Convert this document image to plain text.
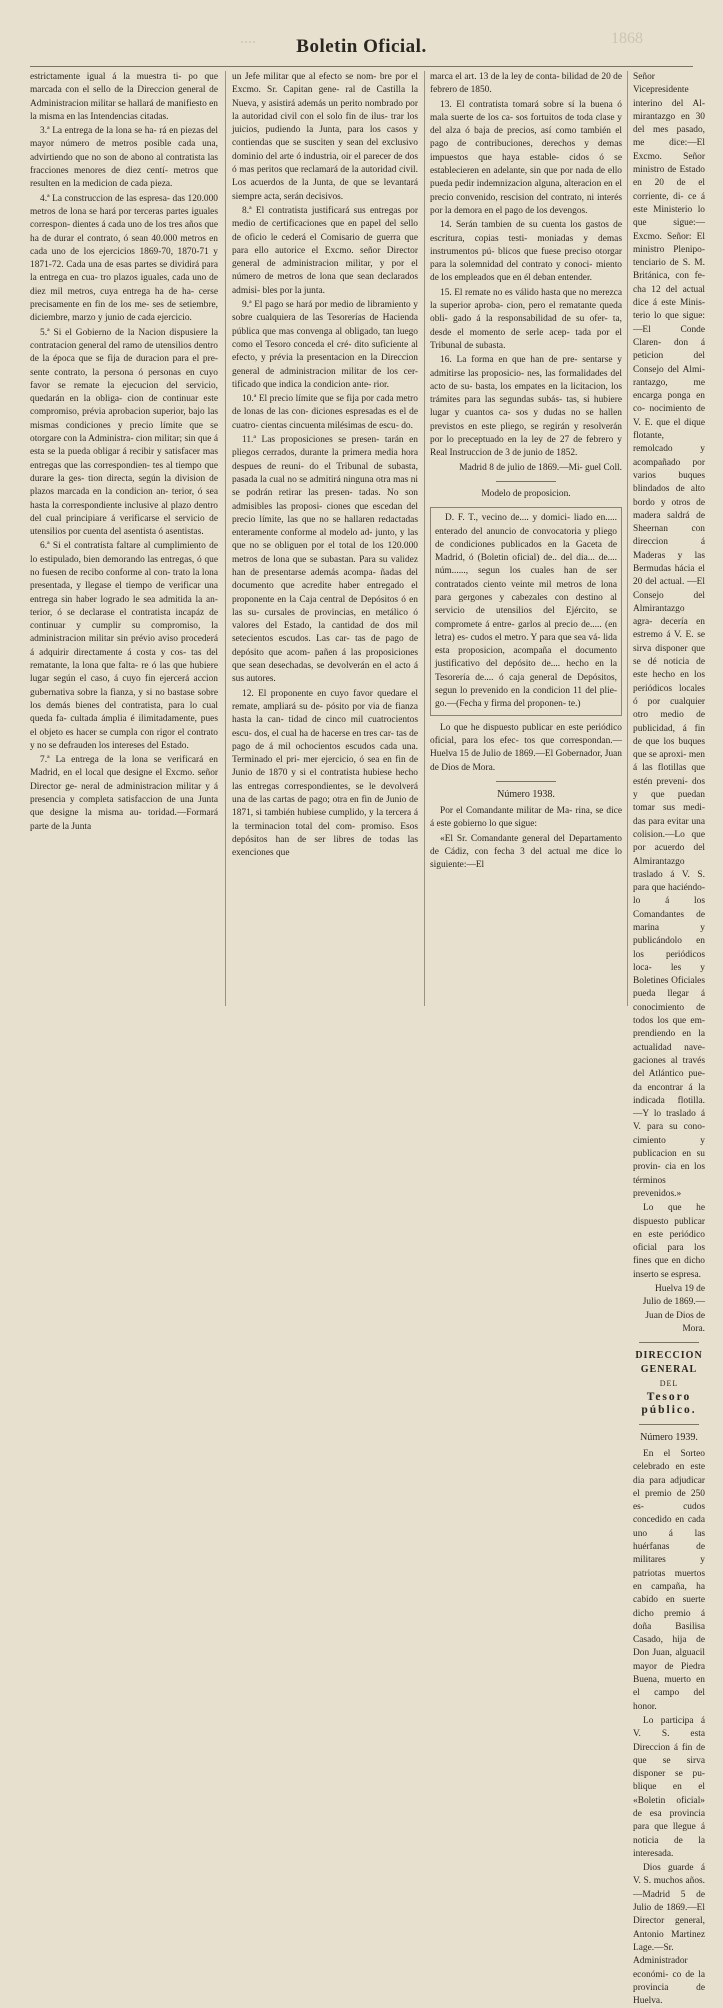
....	Boletin Oficial.	1868

estrictamente igual á la muestra ti- po que marcada con el sello de la Direccion general de Administracion militar se hallará de manifiesto en la misma en las Intendencias citadas.

3.ª La entrega de la lona se ha- rá en piezas del mayor número de metros posible cada una, advirtiendo que no son de abono al contratista las fracciones menores de diez centí- metros que resulten en la medicion de cada pieza.

4.ª La construccion de las espresa- das 120.000 metros de lona se hará por terceras partes iguales correspon- dientes á cada uno de los tres años que ha de durar el contrato, ó sean 40.000 metros en cada uno de los ejercicios 1869-70, 1870-71 y 1871-72. Cada una de esas partes se dividirá para la entrega en cua- tro plazos iguales, cada uno de diez mil metros, cuya entrega ha de ha- cerse precisamente en fin de los me- ses de setiembre, diciembre, marzo y junio de cada ejercicio.

5.ª Si el Gobierno de la Nacion dispusiere la contratacion general del ramo de utensilios dentro de la época que se fija de duracion para el pre- sente contrato, la persona ó personas en cuyo favor se remate la ejecucion del servicio, quedarán en la obliga- cion de continuar este compromiso, prévia aprobacion superior, bajo las mismas condiciones y precio límite que se otorgare con la Administra- cion militar; sin que á esta se la pueda obligar á recibir y satisfacer mas entregas que las correspondien- tes al tiempo que durare la ges- tion directa, según la division de plazos marcada en la condicion an- terior, ó sea hasta la correspondiente inclusive al plazo dentro del cual principiare á verificarse el servicio de utensilios por cuenta del asentista ó asentistas.

6.ª Si el contratista faltare al cumplimiento de lo estipulado, bien demorando las entregas, ó que no fuesen de recibo conforme al con- trato la lona presentada, y llegase el tiempo de verificar una entrega sin haber logrado le sea admitida la an- terior, ó se declarase el contratista incapáz de continuar y cumplir su compromiso, la administracion militar sin prévio aviso procederá á adquirir directamente á costa y cos- tas del rematante, la lona que falta- re ó las que hubiere lugar según el caso, á cuyo fin ejercerá accion gubernativa sobre la fianza, y si no bastase sobre los demás bienes del contratista, para lo cual queda fa- cultada ámplia é ilimitadamente, pues el objeto es hacer se cumpla con rigor el contrato y no se defrauden los intereses del Estado.

7.ª La entrega de la lona se verificará en Madrid, en el local que designe el Excmo. señor Director ge- neral de administracion militar y á presencia y completa satisfaccion de una Junta que designe la misma au- toridad.—Formará parte de la Junta

un Jefe militar que al efecto se nom- bre por el Excmo. Sr. Capitan gene- ral de Castilla la Nueva, y asistirá además un perito nombrado por la autoridad civil con el solo fin de ilus- trar los juicios, pudiendo la Junta, para los casos y contiendas que se susciten y sean del exclusivo dominio del arte ó industria, oir el parecer de dos ó mas peritos que reclamará de la autoridad civil. Los acuerdos de la Junta, de que se levantará siempre acta, serán decisivos.

8.ª El contratista justificará sus entregas por medio de certificaciones que en papel del sello de oficio le cederá el Comisario de guerra que para ello autorice el Excmo. señor Director general de administracion militar, y por el número de metros de lona que sean declarados admisi- bles por la junta.

9.ª El pago se hará por medio de libramiento y sobre cualquiera de las Tesorerías de Hacienda pública que mas convenga al obligado, tan luego como el Tesoro conceda el cré- dito suficiente al efecto, y prévia la presentacion en la Direccion general de administracion militar de los cer- tificado que indica la condicion ante- rior.

10.ª El precio límite que se fija por cada metro de lonas de las con- diciones espresadas es el de cuatro- cientas cincuenta milésimas de escu- do.

11.ª Las proposiciones se presen- tarán en pliegos cerrados, durante la primera media hora despues de reuni- do el Tribunal de subasta, pasada la cual no se admitirá ninguna otra mas ni se podrán retirar las presen- tadas. No son admisibles las proposi- ciones que escedan del precio límite, las que no se hallaren redactadas enteramente conforme al modelo ad- junto, y las que no se obliguen por el total de los 120.000 metros de lona que se subastan. Para su validez han de presentarse además acompa- ñadas del documento que acredite haber entregado el proponente en la Caja central de Depósitos ó en las su- cursales de provincias, en metálico ó valores del Estado, la cantidad de dos mil setecientos escudos. Las car- tas de pago de depósito que acom- pañen á las proposiciones que sean desechadas, se devolverán en el acto á sus autores.

12. El proponente en cuyo favor quedare el remate, ampliará su de- pósito por via de fianza hasta la can- tidad de cinco mil cuatrocientos escu- dos, el cual ha de hacerse en tres car- tas de pago de á mil ochocientos escudos cada una. Terminado el pri- mer ejercicio, ó sea en fin de Junio de 1870 y si el contratista hubiese hecho las entregas correspondientes, se le devolverá una de las cartas de pago; otra en fin de Junio de 1871, si también hubiese cumplido, y la tercera á la terminacion total del com- promiso. Esos depósitos han de ser libres de todas las exenciones que

marca el art. 13 de la ley de conta- bilidad de 20 de febrero de 1850.

13. El contratista tomará sobre sí la buena ó mala suerte de los ca- sos fortuitos de toda clase y del alza ó baja de precios, así como también el pago de contribuciones, derechos y demas impuestos que haya estable- cidos ó se establecieren en adelante, sin que por nada de ello pueda pedir indemnizacion alguna, alteracion en el precio convenido, rescision del contrato, ni interés por la demora en el pago de los devengos.

14. Serán tambien de su cuenta los gastos de escritura, copias testi- moniadas y demas instrumentos pú- blicos que fuese preciso otorgar para la solemnidad del contrato y conoci- miento de los empleados que en él deban entender.

15. El remate no es válido hasta que no merezca la superior aproba- cion, pero el rematante queda obli- gado á la responsabilidad de su ofer- ta, desde el momento de serle acep- tada por el Tribunal de subasta.

16. La forma en que han de pre- sentarse y admitirse las proposicio- nes, las formalidades del acto de su- basta, los empates en la licitacion, los trámites para las segundas subás- tas, si hubiere lugar y cuantos ca- sos y dudas no se hallen previstos en este pliego, se regirán y resolverán por lo preceptuado en la ley de 27 de febrero y Real Instruccion de 3 de junio de 1852.

Madrid 8 de julio de 1869.—Mi- guel Coll.

Modelo de proposicion.

D. F. T., vecino de.... y domici- liado en..... enterado del anuncio de convocatoria y pliego de condiciones publicados en la Gaceta de Madrid, ó (Boletin oficial) de.. del dia... de.... núm......, segun los cuales han de ser contratados ciento veinte mil metros de lona para gergones y cabezales con destino al servicio de utensilios del Ejército, se compromete á entre- garlos al precio de..... (en letra) es- cudos el metro. Y para que sea vá- lida esta proposicion, acompaña el documento justificativo del depósito de.... hecho en la Tesorería de.... ó caja general de Depósitos, segun lo prevenido en la condicion 11 del plie- go.—(Fecha y firma del proponen- te.)

Lo que he dispuesto publicar en este periódico oficial, para los efec- tos que correspondan.—Huelva 15 de Julio de 1869.—El Gobernador, Juan de Dios de Mora.

Número 1938.

Por el Comandante militar de Ma- rina, se dice á este gobierno lo que sigue:

«El Sr. Comandante general del Departamento de Cádiz, con fecha 3 del actual me dice lo siguiente:—El

Señor Vicepresidente interino del Al- mirantazgo en 30 del mes pasado, me dice:—El Excmo. Señor ministro de Estado en 20 de el corriente, di- ce á este Ministerio lo que sigue:— Excmo. Señor: El ministro Plenipo- tenciario de S. M. Británica, con fe- cha 12 del actual dice á este Minis- terio lo que sigue:—El Conde Claren- don á peticion del Consejo del Almi- rantazgo, me encarga ponga en co- nocimiento de V. E. que el dique flotante, remolcado y acompañado por varios buques blindados de alto bordo y otros de madera saldrá de Sheernan con direccion á Maderas y las Bermudas hácia el 20 del actual. —El Consejo del Almirantazgo agra- decería en estremo á V. E. se sirva disponer que se dé noticia de este hecho en los periódicos locales ó por cualquier otro medio de publicidad, á fin de que los buques que se aproxi- men á las flotillas que estén preveni- dos y que puedan tomar sus medi- das para evitar una colision.—Lo que por acuerdo del Almirantazgo traslado á V. S. para que haciéndo- lo á los Comandantes de marina y publicándolo en los periódicos loca- les y Boletines Oficiales pueda llegar á conocimiento de todos los que em- prendiendo en la actualidad nave- gaciones al través del Atlántico pue- da encontrar á la indicada flotilla. —Y lo traslado á V. para su cono- cimiento y publicacion en su provin- cia en los términos prevenidos.»

Lo que he dispuesto publicar en este periódico oficial para los fines que en dicho inserto se espresa.

Huelva 19 de Julio de 1869.— Juan de Dios de Mora.

DIRECCION GENERAL

DEL

Tesoro público.

Número 1939.

En el Sorteo celebrado en este dia para adjudicar el premio de 250 es- cudos concedido en cada uno á las huérfanas de militares y patriotas muertos en campaña, ha cabido en suerte dicho premio á doña Basilisa Casado, hija de Don Juan, alguacil mayor de Piedra Buena, muerto en el campo del honor.

Lo participa á V. S. esta Direccion á fin de que se sirva disponer se pu- blique en el «Boletin oficial» de esa provincia para que llegue á noticia de la interesada.

Dios guarde á V. S. muchos años. —Madrid 5 de Julio de 1869.—El Director general, Antonio Martinez Lage.—Sr. Administrador económi- co de la provincia de Huelva.
